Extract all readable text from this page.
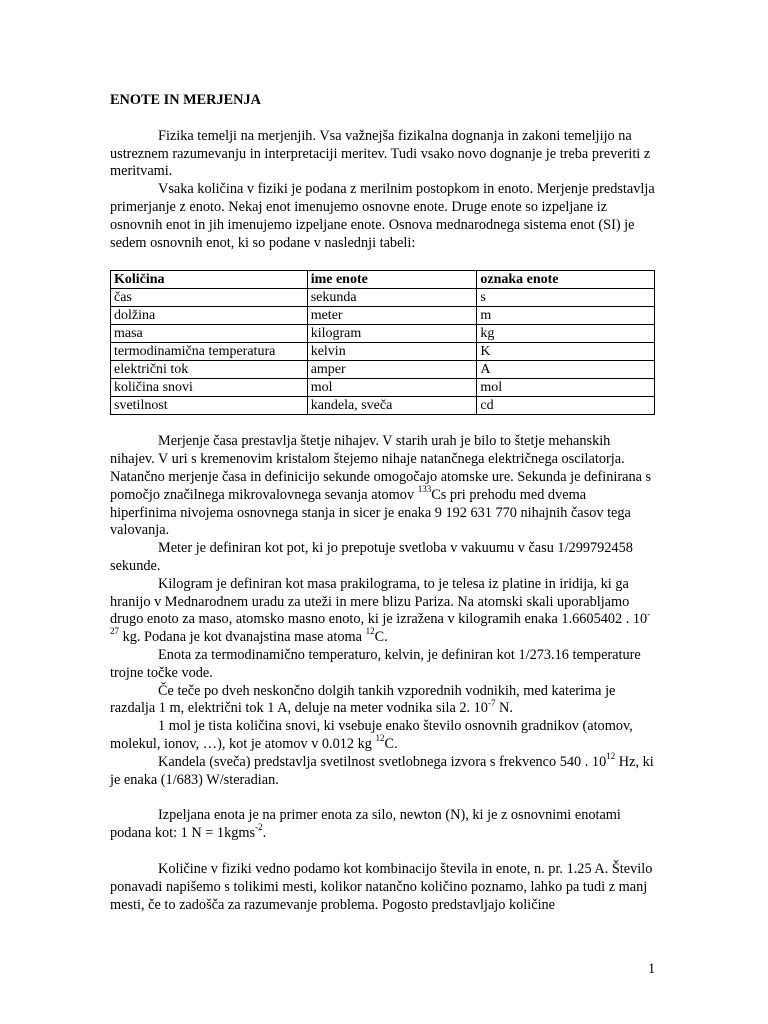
ENOTE IN MERJENJA

Fizika temelji na merjenjih. Vsa važnejša fizikalna dognanja in zakoni temeljijo na ustreznem razumevanju in interpretaciji meritev. Tudi vsako novo dognanje je treba preveriti z meritvami.

Vsaka količina v fiziki je podana z merilnim postopkom in enoto. Merjenje predstavlja primerjanje z enoto. Nekaj enot imenujemo osnovne enote. Druge enote so izpeljane iz osnovnih enot in jih imenujemo izpeljane enote. Osnova mednarodnega sistema enot (SI) je sedem osnovnih enot, ki so podane v naslednji tabeli:

Količina	ime enote	oznaka enote
čas	sekunda	s
dolžina	meter	m
masa	kilogram	kg
termodinamična temperatura	kelvin	K
električni tok	amper	A
količina snovi	mol	mol
svetilnost	kandela, sveča	cd

Merjenje časa prestavlja štetje nihajev. V starih urah je bilo to štetje mehanskih nihajev. V uri s kremenovim kristalom štejemo nihaje natančnega električnega oscilatorja. Natančno merjenje časa in definicijo sekunde omogočajo atomske ure. Sekunda je definirana s pomočjo značilnega mikrovalovnega sevanja atomov $^{133}$Cs pri prehodu med dvema hiperfinima nivojema osnovnega stanja in sicer je enaka 9 192 631 770 nihajnih časov tega valovanja.

Meter je definiran kot pot, ki jo prepotuje svetloba v vakuumu v času 1/299792458 sekunde.

Kilogram je definiran kot masa prakilograma, to je telesa iz platine in iridija, ki ga hranijo v Mednarodnem uradu za uteži in mere blizu Pariza. Na atomski skali uporabljamo drugo enoto za maso, atomsko masno enoto, ki je izražena v kilogramih enaka 1.6605402 . $10^{-27}$ kg. Podana je kot dvanajstina mase atoma $^{12}$C.

Enota za termodinamično temperaturo, kelvin, je definiran kot 1/273.16 temperature trojne točke vode.

Če teče po dveh neskončno dolgih tankih vzporednih vodnikih, med katerima je razdalja 1 m, električni tok 1 A, deluje na meter vodnika sila 2. $10^{-7}$ N.

1 mol je tista količina snovi, ki vsebuje enako število osnovnih gradnikov (atomov, molekul, ionov, …), kot je atomov v 0.012 kg $^{12}$C.

Kandela (sveča) predstavlja svetilnost svetlobnega izvora s frekvenco 540 . $10^{12}$ Hz, ki je enaka (1/683) W/steradian.

Izpeljana enota je na primer enota za silo, newton (N), ki je z osnovnimi enotami podana kot: 1 N = 1kgms$^{-2}$.

Količine v fiziki vedno podamo kot kombinacijo števila in enote, n. pr. 1.25 A. Število ponavadi napišemo s tolikimi mesti, kolikor natančno količino poznamo, lahko pa tudi z manj mesti, če to zadošča za razumevanje problema. Pogosto predstavljajo količine

1
